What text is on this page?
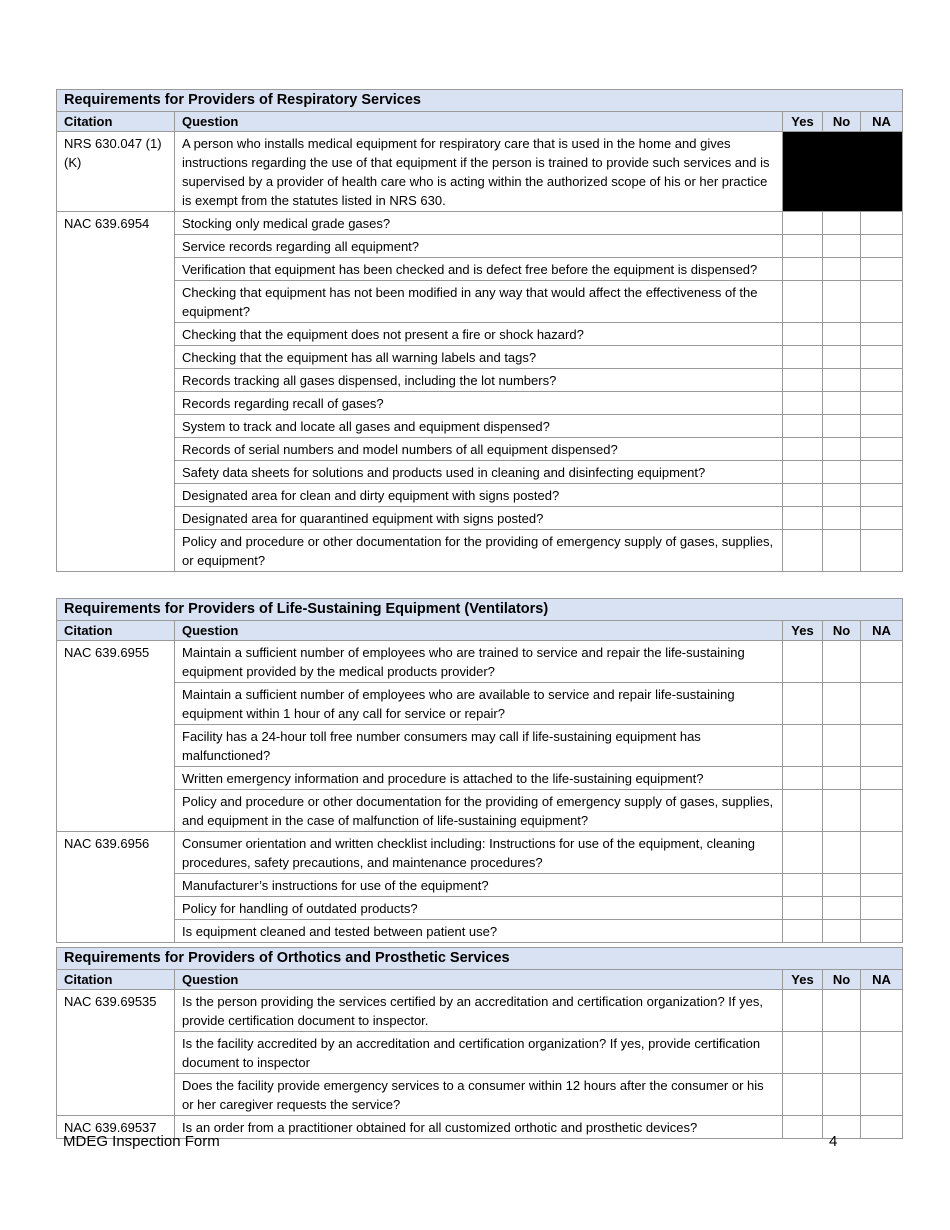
Requirements for Providers of Respiratory Services				
Citation	Question	Yes	No	NA
NRS 630.047 (1)(K)	A person who installs medical equipment for respiratory care that is used in the home and gives instructions regarding the use of that equipment if the person is trained to provide such services and is supervised by a provider of health care who is acting within the authorized scope of his or her practice is exempt from the statutes listed in NRS 630.			
NAC 639.6954	Stocking only medical grade gases?			
	Service records regarding all equipment?			
	Verification that equipment has been checked and is defect free before the equipment is dispensed?			
	Checking that equipment has not been modified in any way that would affect the effectiveness of the equipment?			
	Checking that the equipment does not present a fire or shock hazard?			
	Checking that the equipment has all warning labels and tags?			
	Records tracking all gases dispensed, including the lot numbers?			
	Records regarding recall of gases?			
	System to track and locate all gases and equipment dispensed?			
	Records of serial numbers and model numbers of all equipment dispensed?			
	Safety data sheets for solutions and products used in cleaning and disinfecting equipment?			
	Designated area for clean and dirty equipment with signs posted?			
	Designated area for quarantined equipment with signs posted?			
	Policy and procedure or other documentation for the providing of emergency supply of gases, supplies, or equipment?			
Requirements for Providers of Life-Sustaining Equipment (Ventilators)				
Citation	Question	Yes	No	NA
NAC 639.6955	Maintain a sufficient number of employees who are trained to service and repair the life-sustaining equipment provided by the medical products provider?			
	Maintain a sufficient number of employees who are available to service and repair life-sustaining equipment within 1 hour of any call for service or repair?			
	Facility has a 24-hour toll free number consumers may call if life-sustaining equipment has malfunctioned?			
	Written emergency information and procedure is attached to the life-sustaining equipment?			
	Policy and procedure or other documentation for the providing of emergency supply of gases, supplies, and equipment in the case of malfunction of life-sustaining equipment?			
NAC 639.6956	Consumer orientation and written checklist including: Instructions for use of the equipment, cleaning procedures, safety precautions, and maintenance procedures?			
	Manufacturer’s instructions for use of the equipment?			
	Policy for handling of outdated products?			
	Is equipment cleaned and tested between patient use?			
Requirements for Providers of Orthotics and Prosthetic Services				
Citation	Question	Yes	No	NA
NAC 639.69535	Is the person providing the services certified by an accreditation and certification organization? If yes, provide certification document to inspector.			
	Is the facility accredited by an accreditation and certification organization? If yes, provide certification document to inspector			
	Does the facility provide emergency services to a consumer within 12 hours after the consumer or his or her caregiver requests the service?			
NAC 639.69537	Is an order from a practitioner obtained for all customized orthotic and prosthetic devices?			
MDEG Inspection Form	4
